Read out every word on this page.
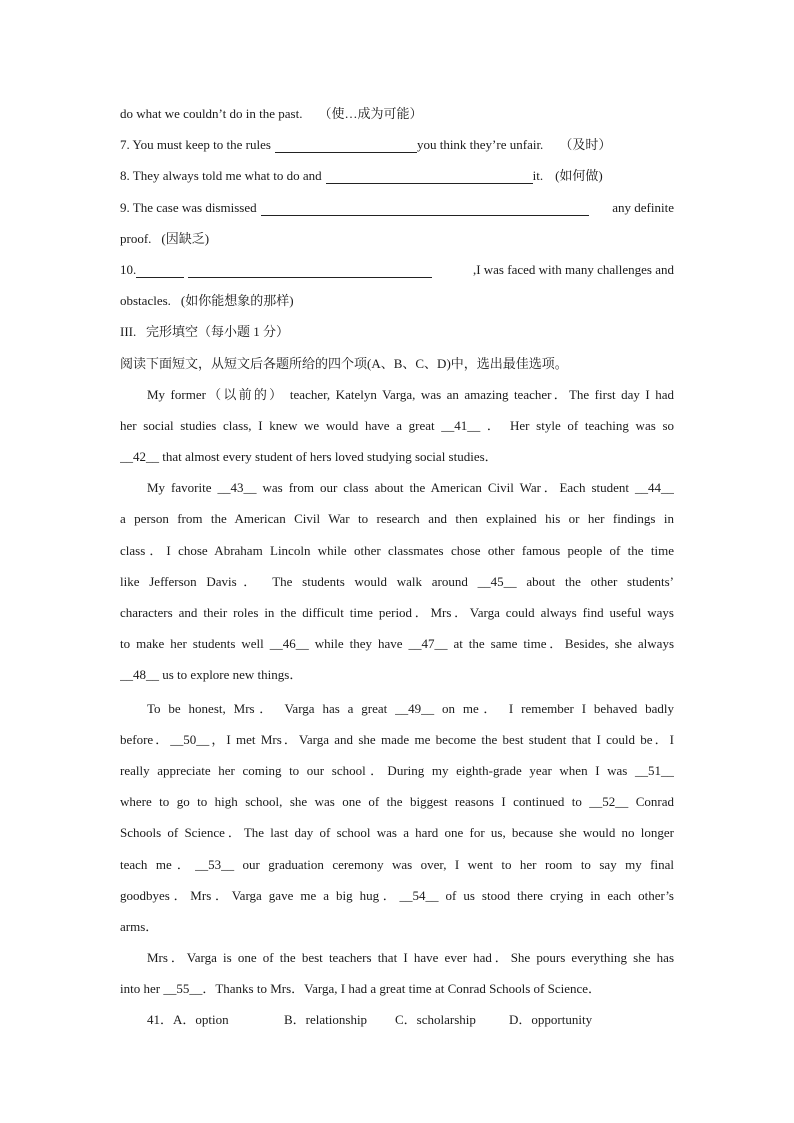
do what we couldn’t do in the past. （使…成为可能）
7. You must keep to the rules	you think they’re unfair. （及时）
8. They always told me what to do and	it. (如何做)
9. The case was dismissed	any definite
proof. (因缺乏)
10.	,I was faced with many challenges and
obstacles. (如你能想象的那样)
III.   完形填空（每小题 1 分）
阅读下面短文，从短文后各题所给的四个项(A、B、C、D)中，选出最佳选项。
My former（以前的） teacher, Katelyn Varga, was an amazing teacher．The first day I had
her social studies class, I knew we would have a great __41__ ． Her style of teaching was so
__42__ that almost every student of hers loved studying social studies．
My favorite __43__ was from our class about the American Civil War．Each student __44__
a person from the American Civil War to research and then explained his or her findings in
class．I chose Abraham Lincoln while other classmates chose other famous people of the time
like Jefferson Davis． The students would walk around __45__ about the other students’
characters and their roles in the difficult time period．Mrs．Varga could always find useful ways
to make her students well __46__ while they have __47__ at the same time．Besides, she always
__48__ us to explore new things．
To be honest, Mrs． Varga has a great __49__ on me． I remember I behaved badly
before．__50__，I met Mrs．Varga and she made me become the best student that I could be．I
really appreciate her coming to our school．During my eighth-grade year when I was __51__
where to go to high school, she was one of the biggest reasons I continued to __52__ Conrad
Schools of Science．The last day of school was a hard one for us, because she would no longer
teach me．__53__ our graduation ceremony was over, I went to her room to say my final
goodbyes．Mrs．Varga gave me a big hug．__54__ of us stood there crying in each other’s
arms．
Mrs．Varga is one of the best teachers that I have ever had．She pours everything she has
into her __55__．Thanks to Mrs．Varga, I had a great time at Conrad Schools of Science．
41．A．option	B．relationship C．scholarship	D．opportunity
